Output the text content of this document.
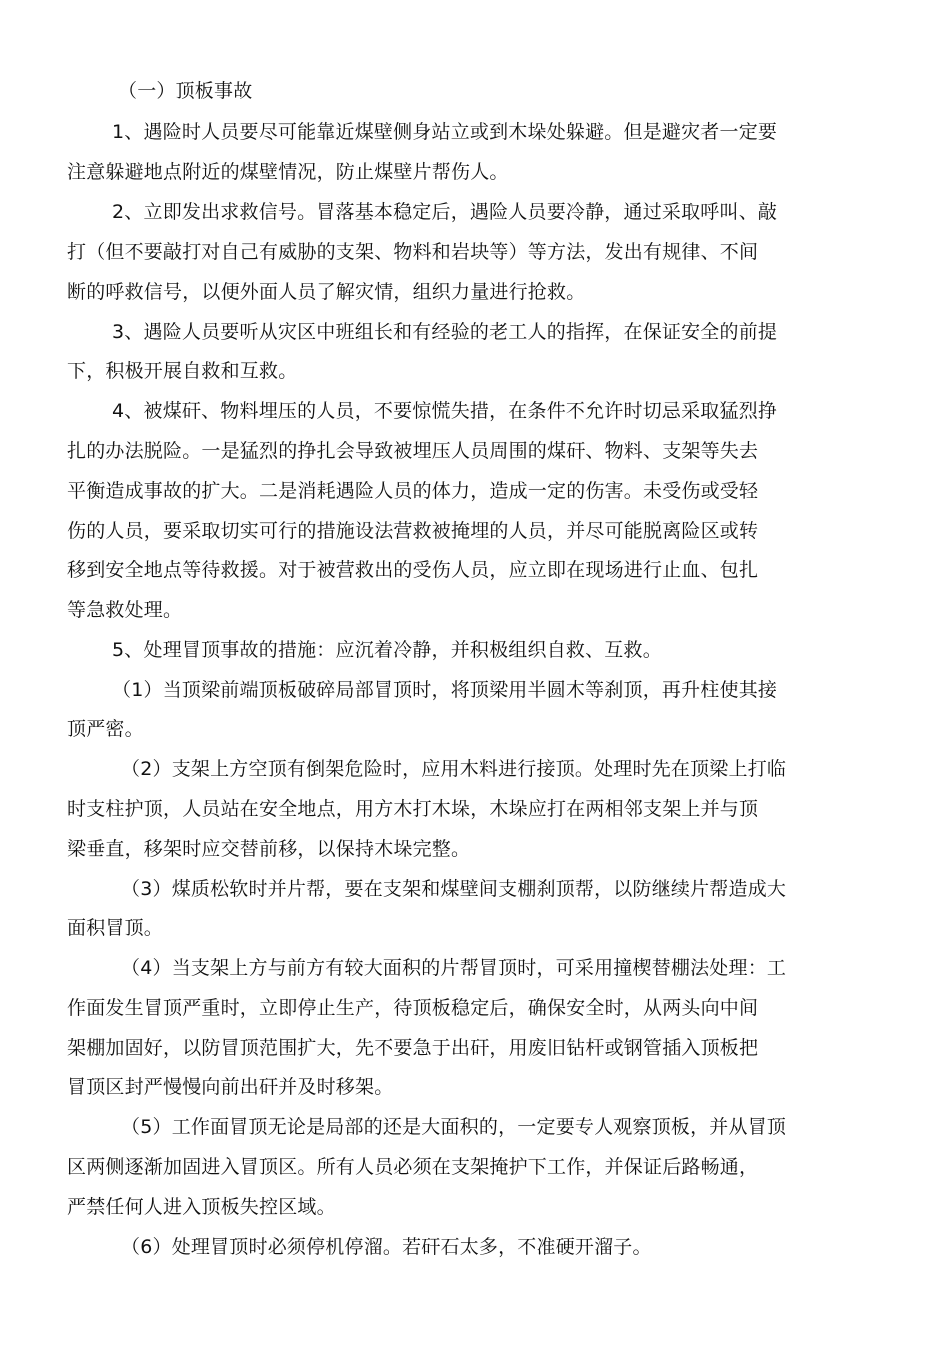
（一）顶板事故
1、遇险时人员要尽可能靠近煤壁侧身站立或到木垛处躲避。但是避灾者一定要
注意躲避地点附近的煤壁情况，防止煤壁片帮伤人。
2、立即发出求救信号。冒落基本稳定后，遇险人员要冷静，通过采取呼叫、敲
打（但不要敲打对自己有威胁的支架、物料和岩块等）等方法，发出有规律、不间
断的呼救信号，以便外面人员了解灾情，组织力量进行抢救。
3、遇险人员要听从灾区中班组长和有经验的老工人的指挥，在保证安全的前提
下，积极开展自救和互救。
4、被煤矸、物料埋压的人员，不要惊慌失措，在条件不允许时切忌采取猛烈挣
扎的办法脱险。一是猛烈的挣扎会导致被埋压人员周围的煤矸、物料、支架等失去
平衡造成事故的扩大。二是消耗遇险人员的体力，造成一定的伤害。未受伤或受轻
伤的人员，要采取切实可行的措施设法营救被掩埋的人员，并尽可能脱离险区或转
移到安全地点等待救援。对于被营救出的受伤人员，应立即在现场进行止血、包扎
等急救处理。
5、处理冒顶事故的措施：应沉着冷静，并积极组织自救、互救。
（1）当顶梁前端顶板破碎局部冒顶时，将顶梁用半圆木等刹顶，再升柱使其接
顶严密。
（2）支架上方空顶有倒架危险时，应用木料进行接顶。处理时先在顶梁上打临
时支柱护顶，人员站在安全地点，用方木打木垛，木垛应打在两相邻支架上并与顶
梁垂直，移架时应交替前移，以保持木垛完整。
（3）煤质松软时并片帮，要在支架和煤壁间支棚刹顶帮，以防继续片帮造成大
面积冒顶。
（4）当支架上方与前方有较大面积的片帮冒顶时，可采用撞楔替棚法处理：工
作面发生冒顶严重时，立即停止生产，待顶板稳定后，确保安全时，从两头向中间
架棚加固好，以防冒顶范围扩大，先不要急于出矸，用废旧钻杆或钢管插入顶板把
冒顶区封严慢慢向前出矸并及时移架。
（5）工作面冒顶无论是局部的还是大面积的，一定要专人观察顶板，并从冒顶
区两侧逐渐加固进入冒顶区。所有人员必须在支架掩护下工作，并保证后路畅通，
严禁任何人进入顶板失控区域。
（6）处理冒顶时必须停机停溜。若矸石太多，不准硬开溜子。
